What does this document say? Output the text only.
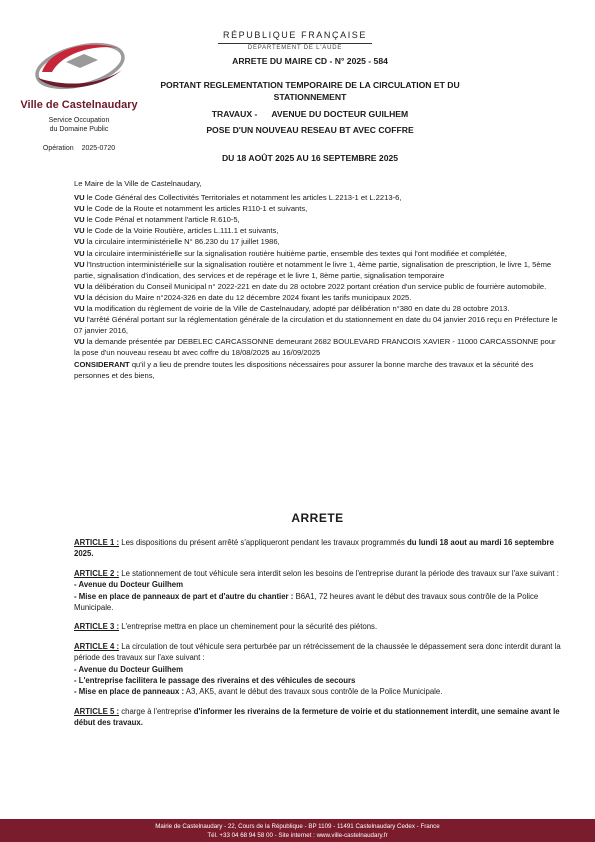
Ville de Castelnaudary
Service Occupation
du Domaine Public
Opération 2025-0720
RÉPUBLIQUE FRANÇAISE
DÉPARTEMENT DE L'AUDE
ARRETE DU MAIRE CD - N° 2025 - 584
PORTANT REGLEMENTATION TEMPORAIRE DE LA CIRCULATION ET DU STATIONNEMENT
TRAVAUX - AVENUE DU DOCTEUR GUILHEM
POSE D'UN NOUVEAU RESEAU BT AVEC COFFRE
DU 18 AOÛT 2025 AU 16 SEPTEMBRE 2025

Le Maire de la Ville de Castelnaudary,

VU le Code Général des Collectivités Territoriales et notamment les articles L.2213-1 et L.2213-6,

VU le Code de la Route et notamment les articles R110-1 et suivants,

VU le Code Pénal et notamment l'article R.610-5,

VU le Code de la Voirie Routière, articles L.111.1 et suivants,

VU la circulaire interministérielle N° 86.230 du 17 juillet 1986,

VU la circulaire interministérielle sur la signalisation routière huitième partie, ensemble des textes qui l'ont modifiée et complétée,

VU l'Instruction interministérielle sur la signalisation routière et notamment le livre 1, 4ème partie, signalisation de prescription, le livre 1, 5ème partie, signalisation d'indication, des services et de repérage et le livre 1, 8ème partie, signalisation temporaire

VU la délibération du Conseil Municipal n° 2022-221 en date du 28 octobre 2022 portant création d'un service public de fourrière automobile.

VU la décision du Maire n°2024-326 en date du 12 décembre 2024 fixant les tarifs municipaux 2025.

VU la modification du règlement de voirie de la Ville de Castelnaudary, adopté par délibération n°380 en date du 28 octobre 2013.

VU l'arrêté Général portant sur la réglementation générale de la circulation et du stationnement en date du 04 janvier 2016 reçu en Préfecture le 07 janvier 2016,

VU la demande présentée par DEBELEC CARCASSONNE demeurant 2682 BOULEVARD FRANCOIS XAVIER - 11000 CARCASSONNE pour la pose d'un nouveau reseau bt avec coffre du 18/08/2025 au 16/09/2025

CONSIDERANT qu'il y a lieu de prendre toutes les dispositions nécessaires pour assurer la bonne marche des travaux et la sécurité des personnes et des biens,

ARRETE

ARTICLE 1 : Les dispositions du présent arrêté s'appliqueront pendant les travaux programmés du lundi 18 aout au mardi 16 septembre 2025.

ARTICLE 2 : Le stationnement de tout véhicule sera interdit selon les besoins de l'entreprise durant la période des travaux sur l'axe suivant :

- Avenue du Docteur Guilhem

- Mise en place de panneaux de part et d'autre du chantier : B6A1, 72 heures avant le début des travaux sous contrôle de la Police Municipale.

ARTICLE 3 : L'entreprise mettra en place un cheminement pour la sécurité des piétons.

ARTICLE 4 : La circulation de tout véhicule sera perturbée par un rétrécissement de la chaussée le dépassement sera donc interdit durant la période des travaux sur l'axe suivant :

- Avenue du Docteur Guilhem

- L'entreprise facilitera le passage des riverains et des véhicules de secours

- Mise en place de panneaux : A3, AK5, avant le début des travaux sous contrôle de la Police Municipale.

ARTICLE 5 : charge à l'entreprise d'informer les riverains de la fermeture de voirie et du stationnement interdit, une semaine avant le début des travaux.

Mairie de Castelnaudary - 22, Cours de la République - BP 1109 - 11491 Castelnaudary Cedex - France
Tél. +33 04 68 94 58 00 - Site internet : www.ville-castelnaudary.fr
